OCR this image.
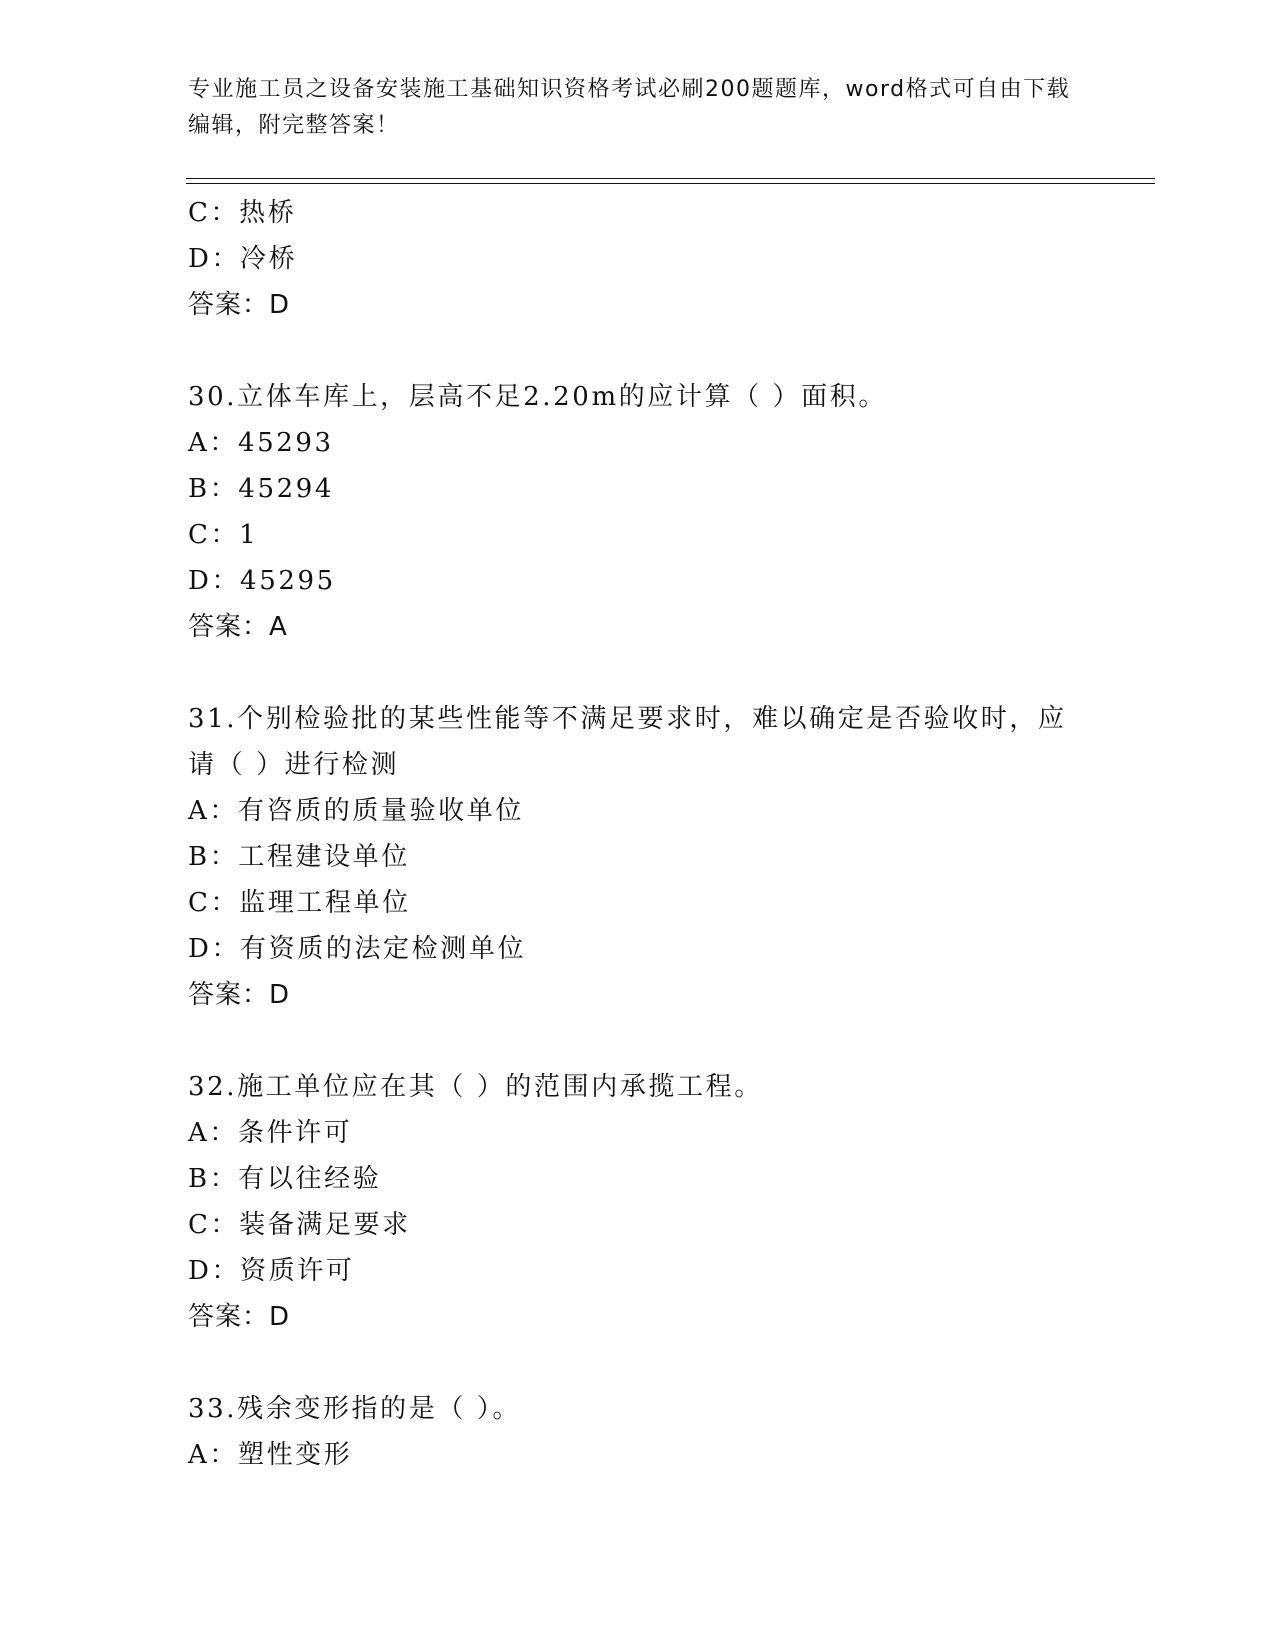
专业施工员之设备安装施工基础知识资格考试必刷200题题库，word格式可自由下载编辑，附完整答案！
C：热桥
D：冷桥
答案：D
30.立体车库上，层高不足2.20m的应计算（ ）面积。
A：45293
B：45294
C：1
D：45295
答案：A
31.个别检验批的某些性能等不满足要求时，难以确定是否验收时，应请（ ）进行检测
A：有咨质的质量验收单位
B：工程建设单位
C：监理工程单位
D：有资质的法定检测单位
答案：D
32.施工单位应在其（ ）的范围内承揽工程。
A：条件许可
B：有以往经验
C：装备满足要求
D：资质许可
答案：D
33.残余变形指的是（ ）。
A：塑性变形
